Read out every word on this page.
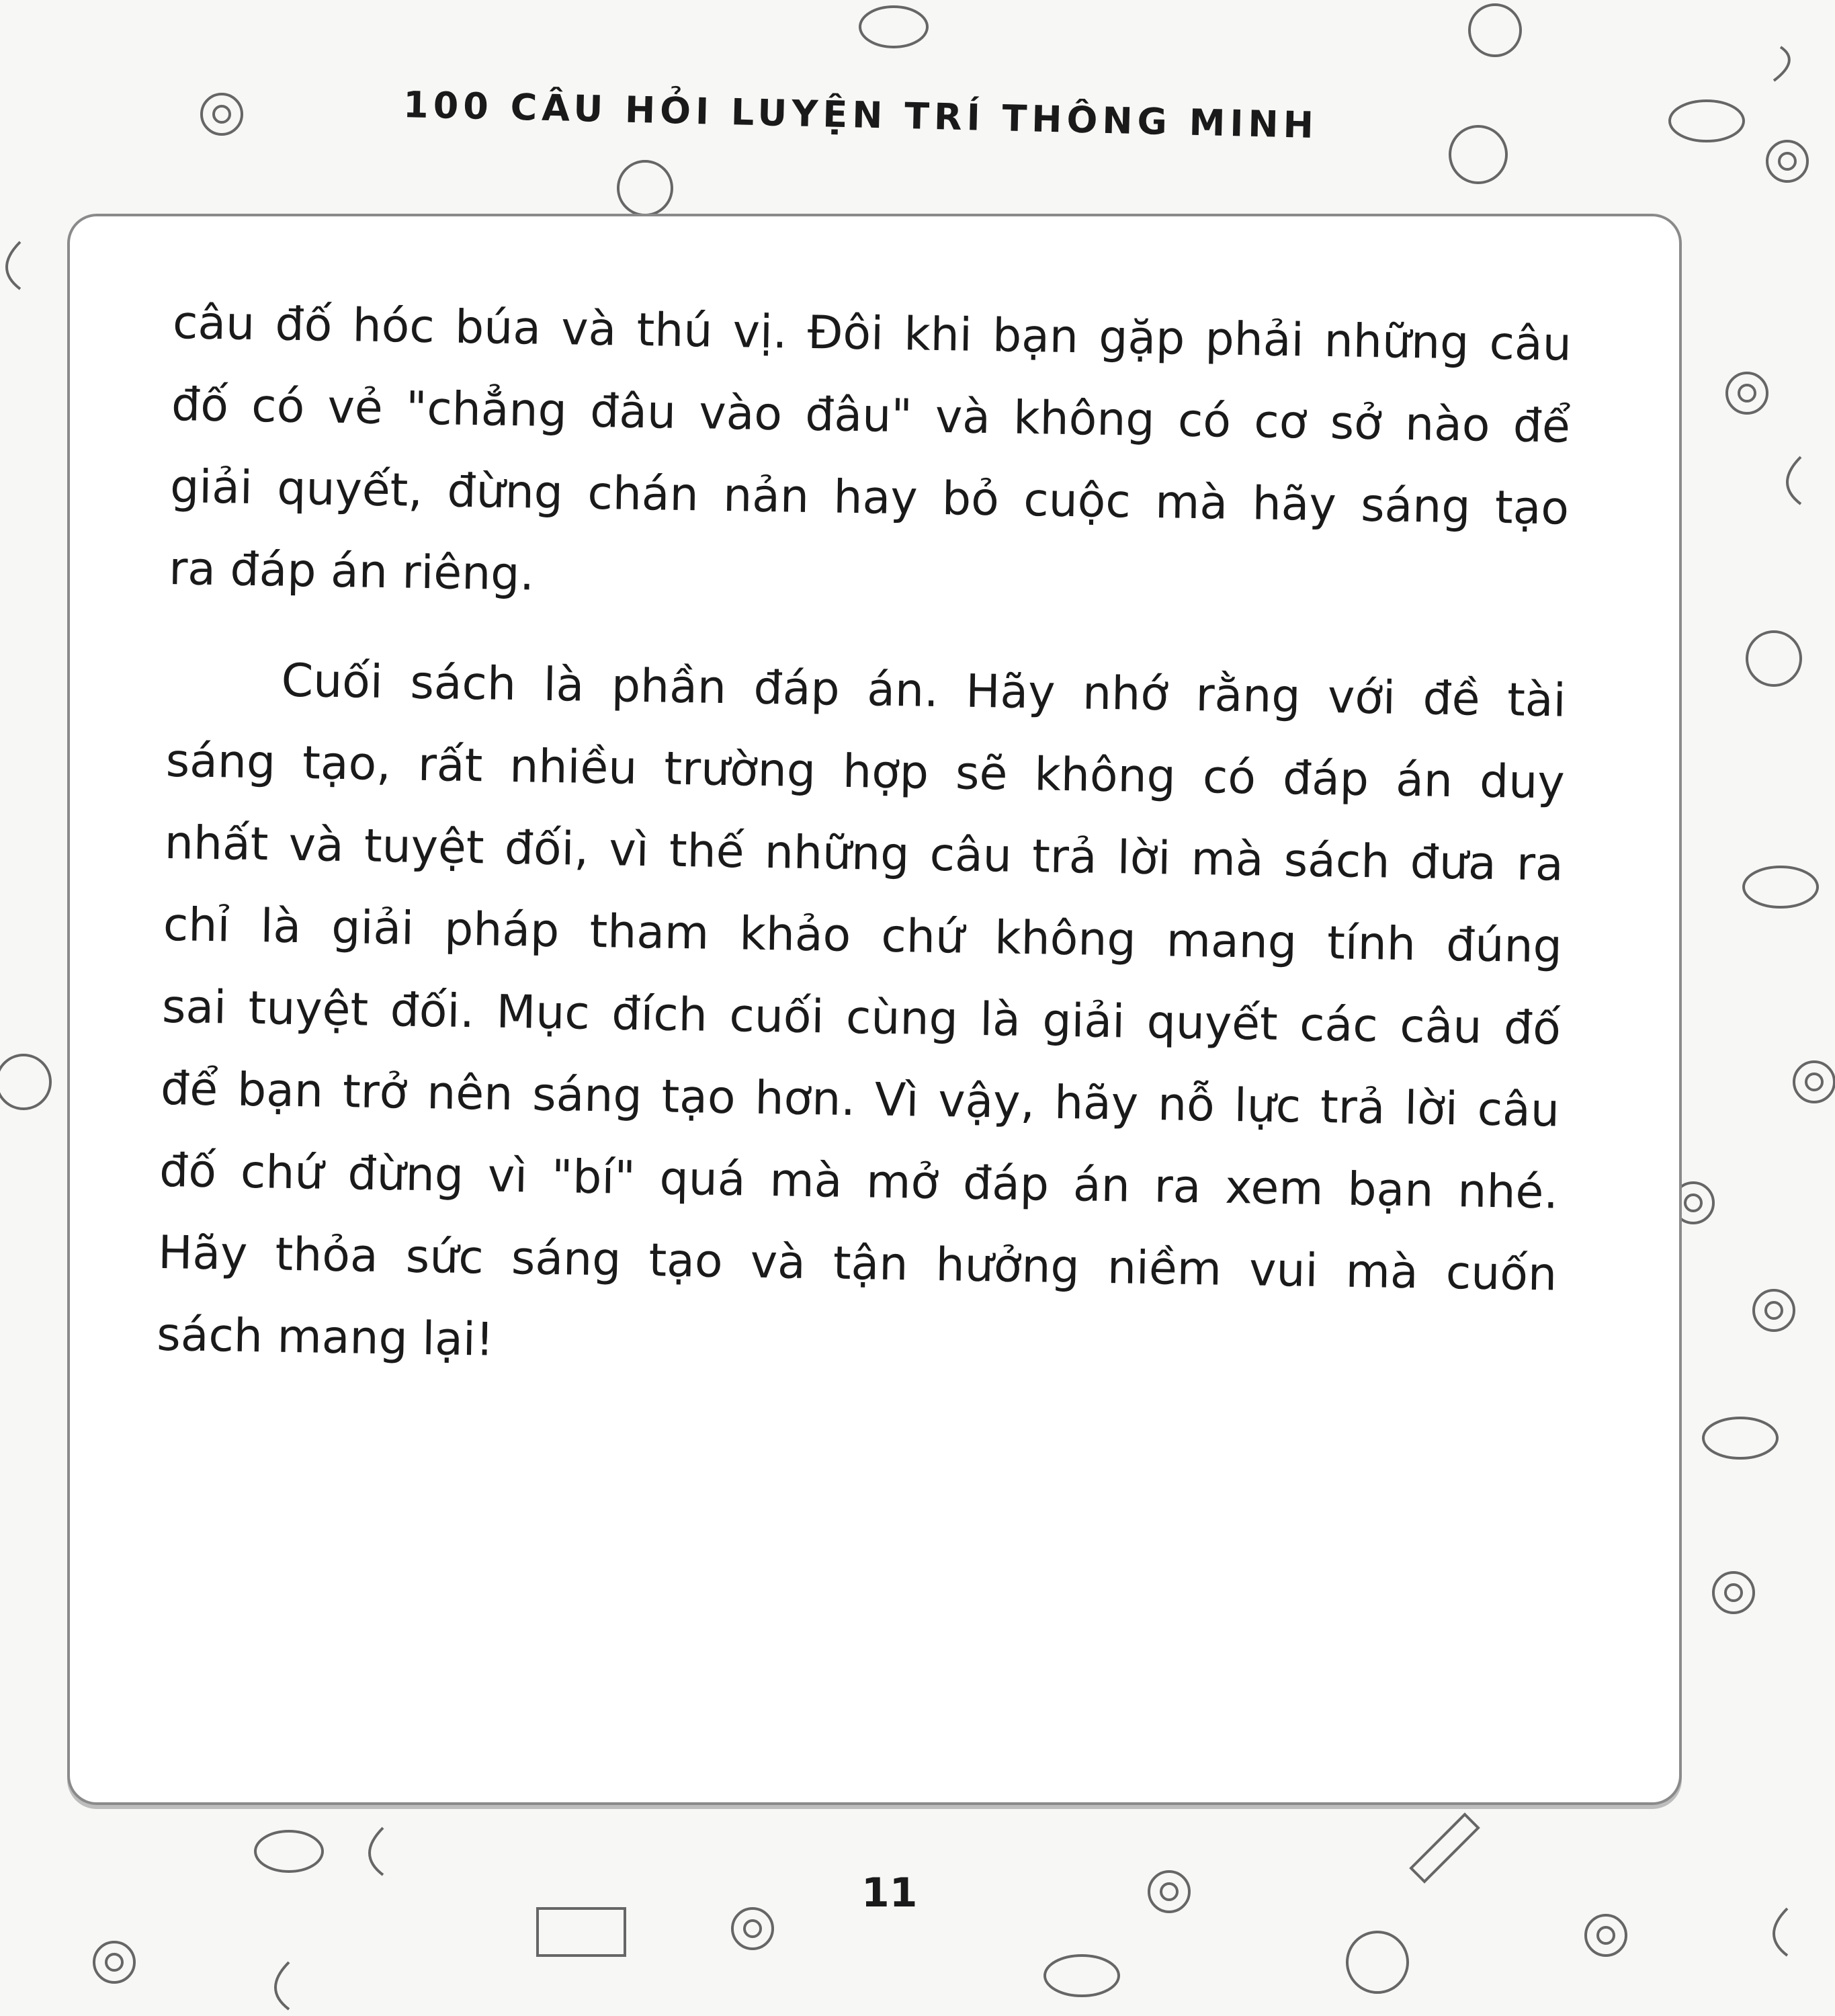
100 CÂU HỎI LUYỆN TRÍ THÔNG MINH
câu đố hóc búa và thú vị. Đôi khi bạn gặp phải những câu
đố có vẻ "chẳng đâu vào đâu" và không có cơ sở nào để
giải quyết, đừng chán nản hay bỏ cuộc mà hãy sáng tạo
ra đáp án riêng.
Cuối sách là phần đáp án. Hãy nhớ rằng với đề tài
sáng tạo, rất nhiều trường hợp sẽ không có đáp án duy
nhất và tuyệt đối, vì thế những câu trả lời mà sách đưa ra
chỉ là giải pháp tham khảo chứ không mang tính đúng
sai tuyệt đối. Mục đích cuối cùng là giải quyết các câu đố
để bạn trở nên sáng tạo hơn. Vì vậy, hãy nỗ lực trả lời câu
đố chứ đừng vì "bí" quá mà mở đáp án ra xem bạn nhé.
Hãy thỏa sức sáng tạo và tận hưởng niềm vui mà cuốn
sách mang lại!
11
